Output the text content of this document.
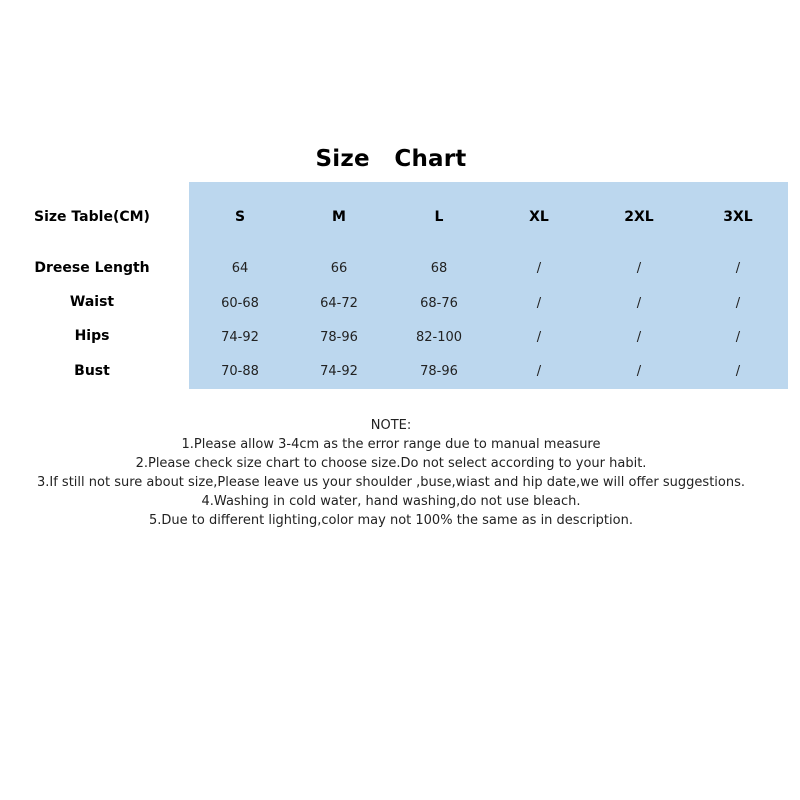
Size   Chart
Size Table(CM)	S	M	L	XL	2XL	3XL
Dreese Length	64	66	68	/	/	/
Waist	60-68	64-72	68-76	/	/	/
Hips	74-92	78-96	82-100	/	/	/
Bust	70-88	74-92	78-96	/	/	/
NOTE:
1.Please allow 3-4cm as the error range due to manual measure
2.Please check size chart to choose size.Do not select according to your habit.
3.If still not sure about size,Please leave us your shoulder ,buse,wiast and hip date,we will offer suggestions.
4.Washing in cold water, hand washing,do not use bleach.
5.Due to different lighting,color may not 100% the same as in description.
